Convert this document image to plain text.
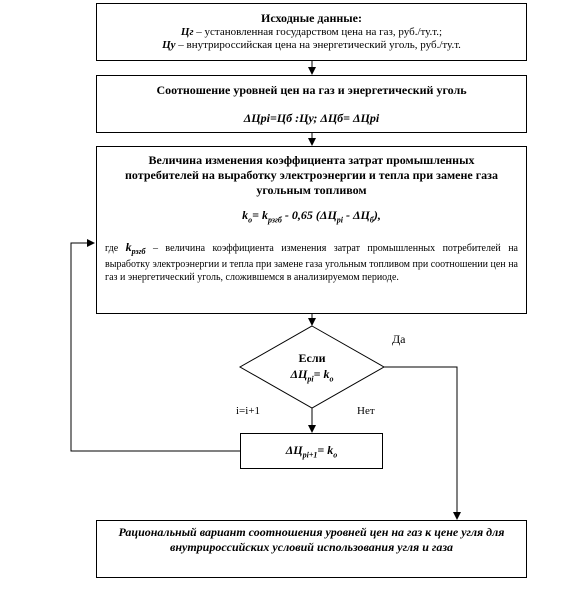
Исходные данные:
Цг – установленная государством цена на газ, руб./ту.т.;
Цу – внутрироссийская цена на энергетический уголь, руб./ту.т.
Соотношение уровней цен на газ и энергетический уголь
ΔЦрі=Цб :Цу; ΔЦб= ΔЦрі
Величина изменения коэффициента затрат промышленных потребителей на выработку электроэнергии и тепла при замене газа угольным топливом
$k_o= k_{рзгб} - 0,65$ $(\Delta Ц_{рі} - \Delta Ц_б)$,
где $k_{рзгб}$ – величина коэффициента изменения затрат промышленных потребителей на выработку электроэнергии и тепла при замене газа угольным топливом при соотношении цен на газ и энергетический уголь, сложившемся в анализируемом периоде.
Если
$\Delta Ц_{рі}= k_o$
Да
Нет
i=i+1
$\Delta Ц_{рі+1}= k_o$
Рациональный вариант соотношения уровней цен на газ к цене угля для внутрироссийских условий использования угля и газа
